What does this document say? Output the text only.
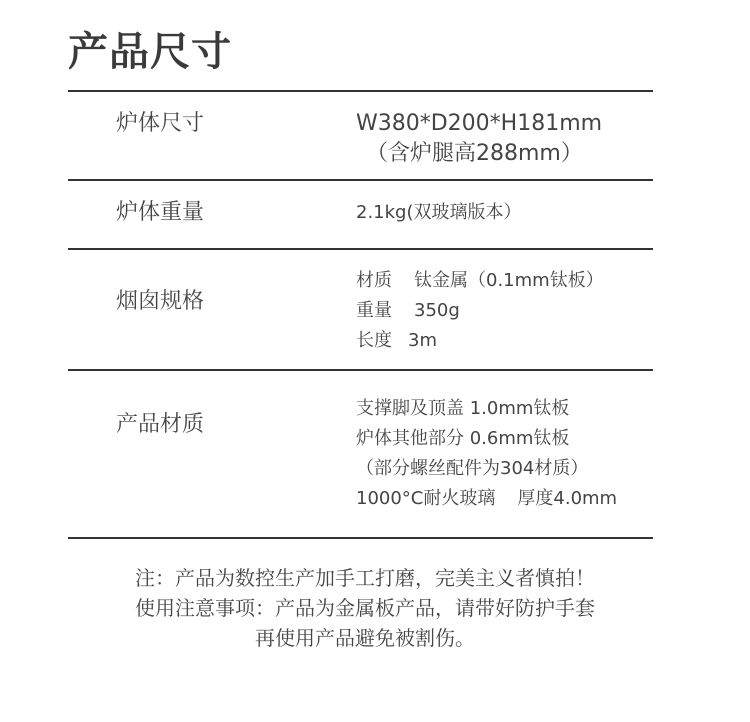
产品尺寸
炉体尺寸	W380*D200*H181mm
（含炉腿高288mm）
炉体重量	2.1kg(双玻璃版本）
烟囱规格
材质 钛金属（0.1mm钛板）
重量 350g
长度 3m
产品材质
支撑脚及顶盖 1.0mm钛板
炉体其他部分 0.6mm钛板
（部分螺丝配件为304材质）
1000°C耐火玻璃 厚度4.0mm
注：产品为数控生产加手工打磨，完美主义者慎拍！
使用注意事项：产品为金属板产品，请带好防护手套
再使用产品避免被割伤。
